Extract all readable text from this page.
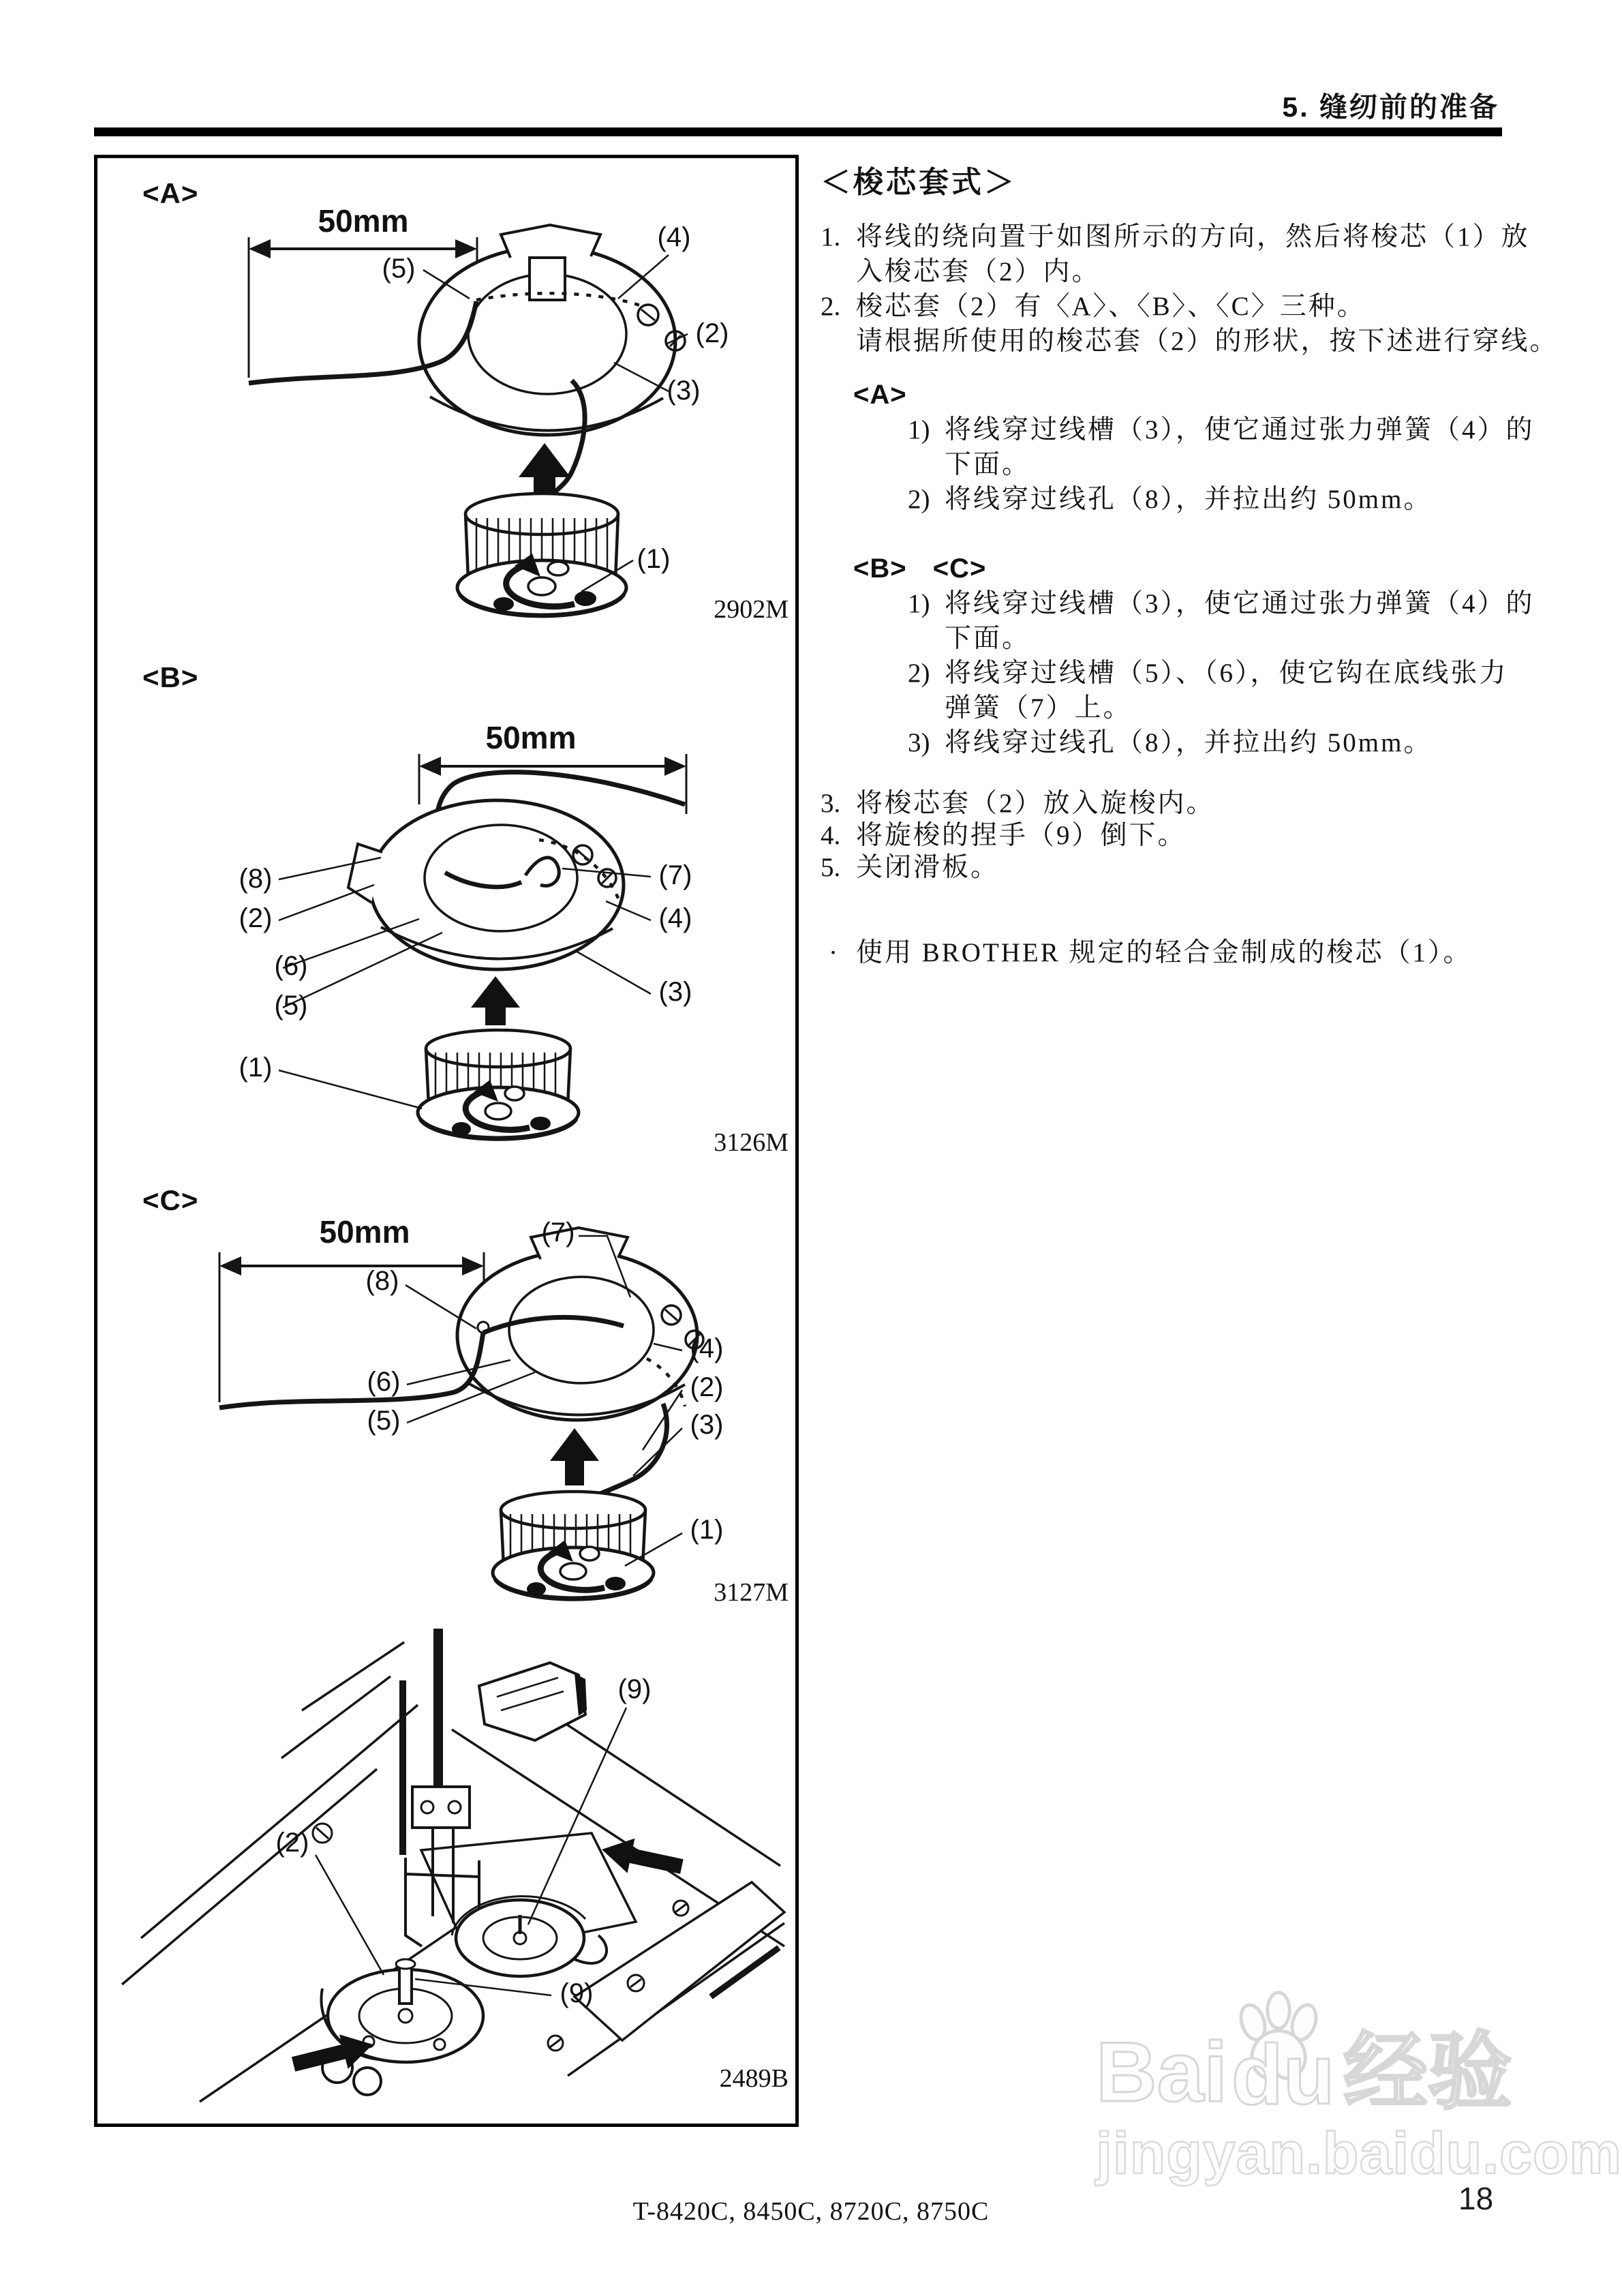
5. 缝纫前的准备
Bai du 经验
jingyan.baidu.com
<A>
<B>
<C>
50mm	(4)
(5)
(2)
(3)
(1)
2902M
50mm
(8)
(2)
(6)
(5)
(1)
(7)
(4)
(3)
3126M
50mm	(7)
(8)
(6)
(5)
(4)
(2)
(3)
(1)
3127M
(9)
(2)
(9)
2489B
＜梭芯套式＞
1. 将线的绕向置于如图所示的方向，然后将梭芯（1）放
入梭芯套（2）内。
2. 梭芯套（2）有〈A〉、〈B〉、〈C〉三种。
请根据所使用的梭芯套（2）的形状，按下述进行穿线。
<A>
1) 将线穿过线槽（3），使它通过张力弹簧（4）的
下面。
2) 将线穿过线孔（8），并拉出约 50mm。
<B> <C>
1) 将线穿过线槽（3），使它通过张力弹簧（4）的
下面。
2) 将线穿过线槽（5）、（6），使它钩在底线张力
弹簧（7）上。
3) 将线穿过线孔（8），并拉出约 50mm。
3. 将梭芯套（2）放入旋梭内。
4. 将旋梭的捏手（9）倒下。
5. 关闭滑板。
· 使用 BROTHER 规定的轻合金制成的梭芯（1）。
T-8420C, 8450C, 8720C, 8750C	18
